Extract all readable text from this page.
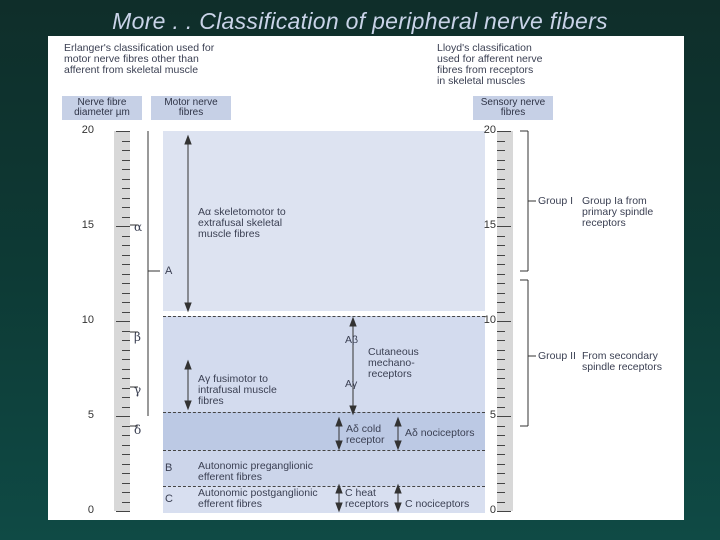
More . . Classification of peripheral nerve fibers
Erlanger's classification used for
motor nerve fibres other than
afferent from skeletal muscle
Lloyd's classification
used for afferent nerve
fibres from receptors
in skeletal muscles
Nerve fibre
diameter µm
Motor nerve
fibres
Sensory nerve
fibres
20
15
10
5
0
20
15
10
5
0
α
β
γ
δ
A
B
C
Aα skeletomotor to
extrafusal skeletal
muscle fibres
Aγ fusimotor to
intrafusal muscle
fibres
Aβ
Aγ
Cutaneous
mechano-
receptors
Aδ cold
receptor
Aδ nociceptors
Autonomic preganglionic
efferent fibres
Autonomic postganglionic
efferent fibres
C heat
receptors C nociceptors
Group I Group Ia from
primary spindle
receptors
Group II From secondary
spindle receptors
